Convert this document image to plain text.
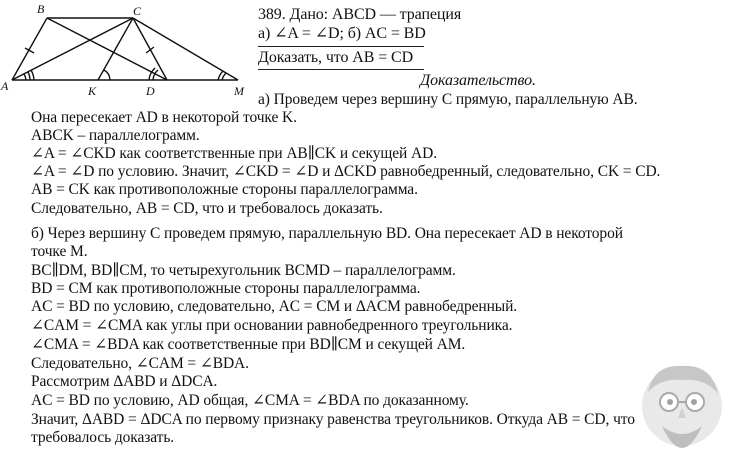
B	C
A	K	D	M
389. Дано: ABCD — трапеция
а) ∠A = ∠D; б) AC = BD
Доказать, что AB = CD
Доказательство.
а) Проведем через вершину C прямую, параллельную AB.
Она пересекает AD в некоторой точке K.
ABCK – параллелограмм.
∠A = ∠CKD как соответственные при AB∥CK и секущей AD.
∠A = ∠D по условию. Значит, ∠CKD = ∠D и ΔCKD равнобедренный, следовательно, CK = CD.
AB = CK как противоположные стороны параллелограмма.
Следовательно, AB = CD, что и требовалось доказать.
б) Через вершину C проведем прямую, параллельную BD. Она пересекает AD в некоторой
точке M.
BC∥DM, BD∥CM, то четырехугольник BCMD – параллелограмм.
BD = CM как противоположные стороны параллелограмма.
AC = BD по условию, следовательно, AC = CM и ΔACM равнобедренный.
∠CAM = ∠CMA как углы при основании равнобедренного треугольника.
∠CMA = ∠BDA как соответственные при BD∥CM и секущей AM.
Следовательно, ∠CAM = ∠BDA.
Рассмотрим ΔABD и ΔDCA.
AC = BD по условию, AD общая, ∠CMA = ∠BDA по доказанному.
Значит, ΔABD = ΔDCA по первому признаку равенства треугольников. Откуда AB = CD, что
требовалось доказать.
